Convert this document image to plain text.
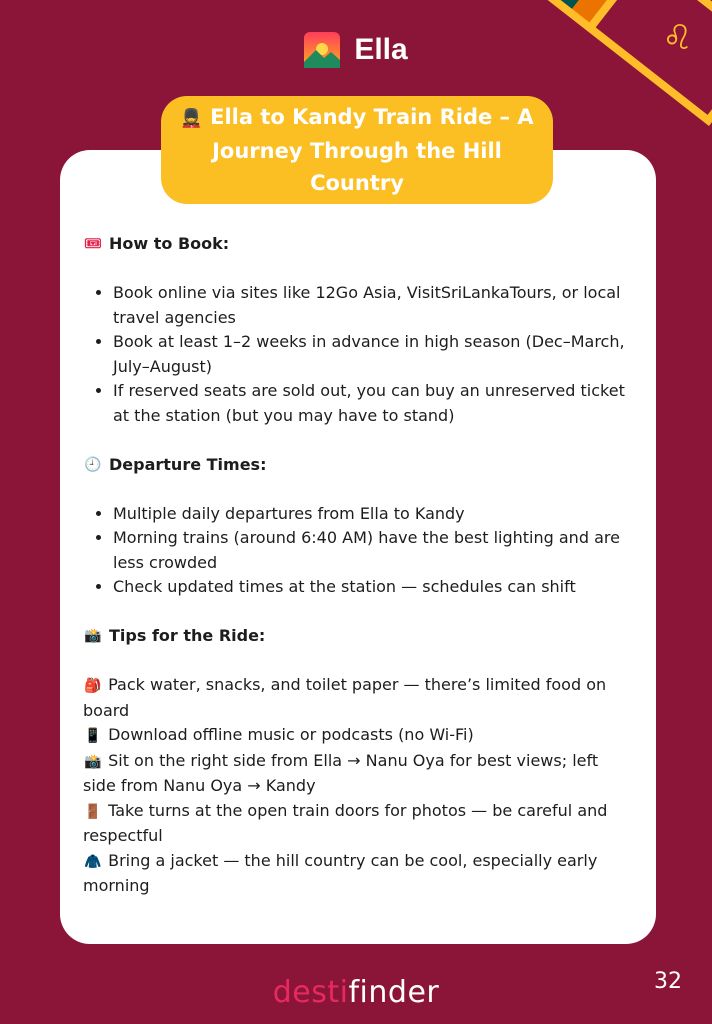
♌
Ella
💂 Ella to Kandy Train Ride – A Journey Through the Hill Country
🎟 How to Book:
• Book online via sites like 12Go Asia, VisitSriLankaTours, or local travel agencies
• Book at least 1–2 weeks in advance in high season (Dec–March, July–August)
• If reserved seats are sold out, you can buy an unreserved ticket at the station (but you may have to stand)
🕘 Departure Times:
• Multiple daily departures from Ella to Kandy
• Morning trains (around 6:40 AM) have the best lighting and are less crowded
• Check updated times at the station — schedules can shift
📸 Tips for the Ride:
🎒 Pack water, snacks, and toilet paper — there’s limited food on board
📱 Download offline music or podcasts (no Wi-Fi)
📸 Sit on the right side from Ella → Nanu Oya for best views; left side from Nanu Oya → Kandy
🚪 Take turns at the open train doors for photos — be careful and respectful
🧥 Bring a jacket — the hill country can be cool, especially early morning
destifinder	32
